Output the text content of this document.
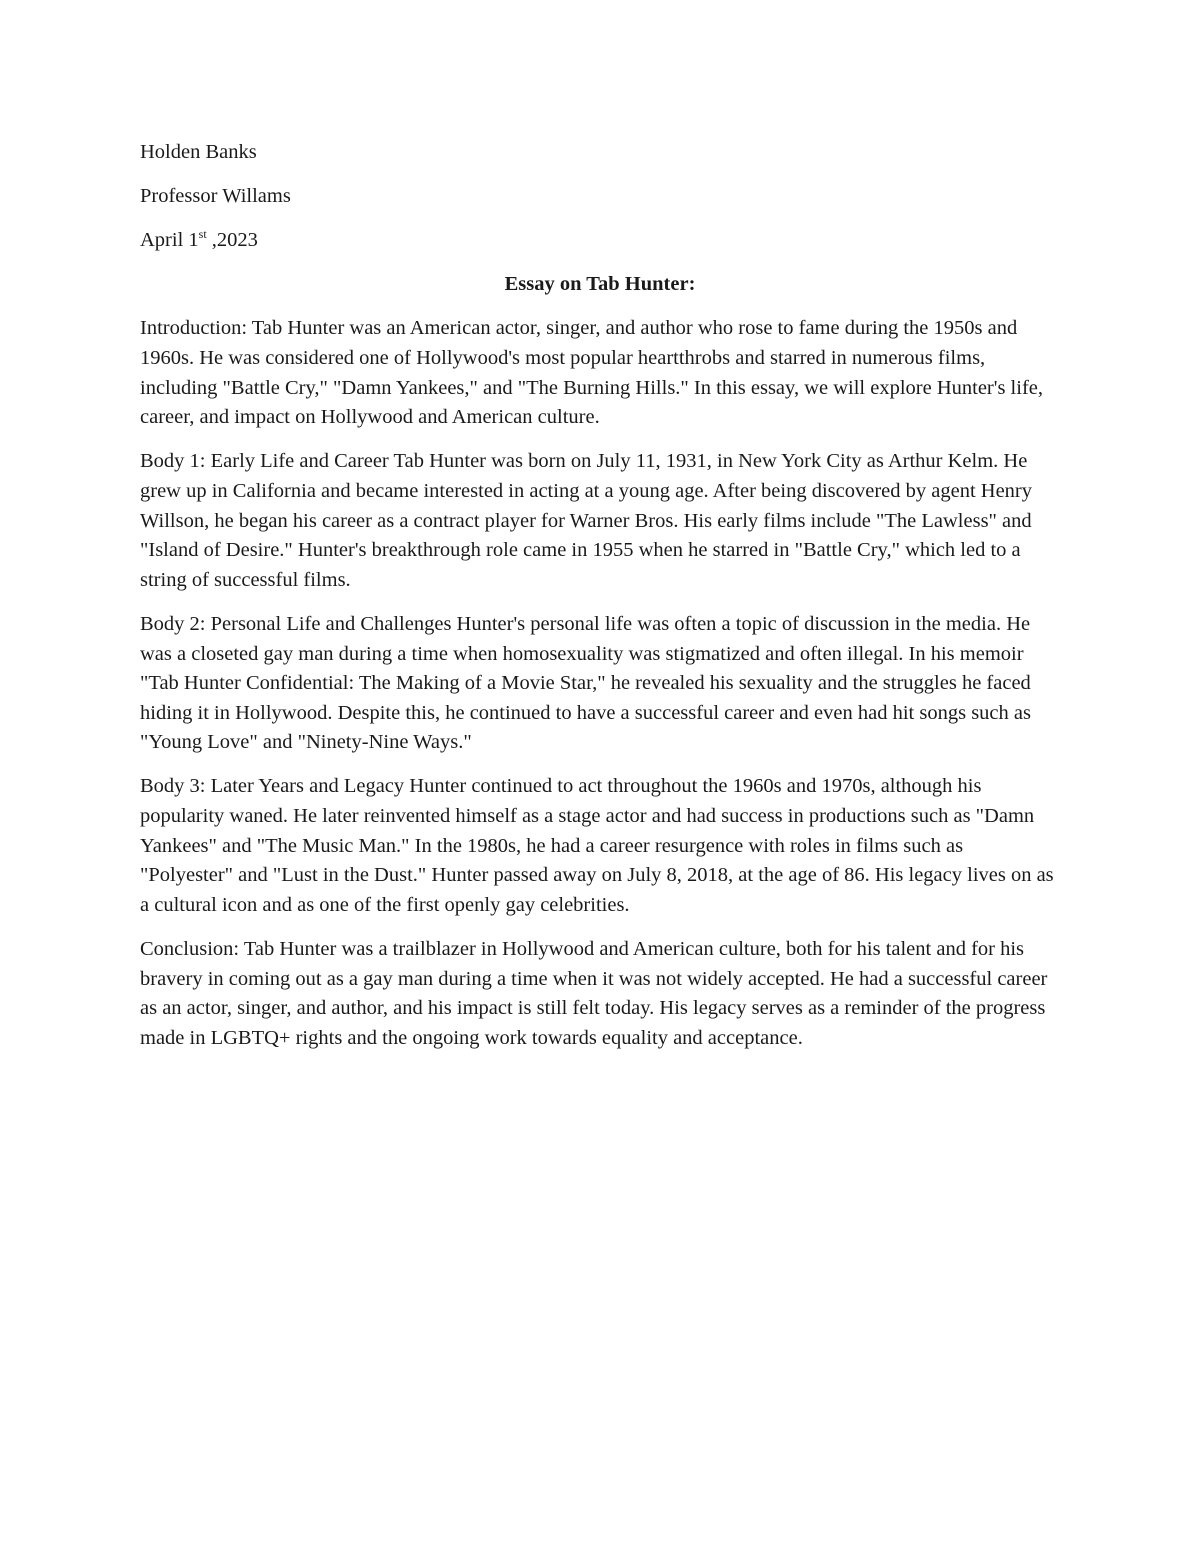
Holden Banks

Professor Willams

April 1st ,2023

Essay on Tab Hunter:

Introduction: Tab Hunter was an American actor, singer, and author who rose to fame during the 1950s and 1960s. He was considered one of Hollywood's most popular heartthrobs and starred in numerous films, including "Battle Cry," "Damn Yankees," and "The Burning Hills." In this essay, we will explore Hunter's life, career, and impact on Hollywood and American culture.

Body 1: Early Life and Career Tab Hunter was born on July 11, 1931, in New York City as Arthur Kelm. He grew up in California and became interested in acting at a young age. After being discovered by agent Henry Willson, he began his career as a contract player for Warner Bros. His early films include "The Lawless" and "Island of Desire." Hunter's breakthrough role came in 1955 when he starred in "Battle Cry," which led to a string of successful films.

Body 2: Personal Life and Challenges Hunter's personal life was often a topic of discussion in the media. He was a closeted gay man during a time when homosexuality was stigmatized and often illegal. In his memoir "Tab Hunter Confidential: The Making of a Movie Star," he revealed his sexuality and the struggles he faced hiding it in Hollywood. Despite this, he continued to have a successful career and even had hit songs such as "Young Love" and "Ninety-Nine Ways."

Body 3: Later Years and Legacy Hunter continued to act throughout the 1960s and 1970s, although his popularity waned. He later reinvented himself as a stage actor and had success in productions such as "Damn Yankees" and "The Music Man." In the 1980s, he had a career resurgence with roles in films such as "Polyester" and "Lust in the Dust." Hunter passed away on July 8, 2018, at the age of 86. His legacy lives on as a cultural icon and as one of the first openly gay celebrities.

Conclusion: Tab Hunter was a trailblazer in Hollywood and American culture, both for his talent and for his bravery in coming out as a gay man during a time when it was not widely accepted. He had a successful career as an actor, singer, and author, and his impact is still felt today. His legacy serves as a reminder of the progress made in LGBTQ+ rights and the ongoing work towards equality and acceptance.
